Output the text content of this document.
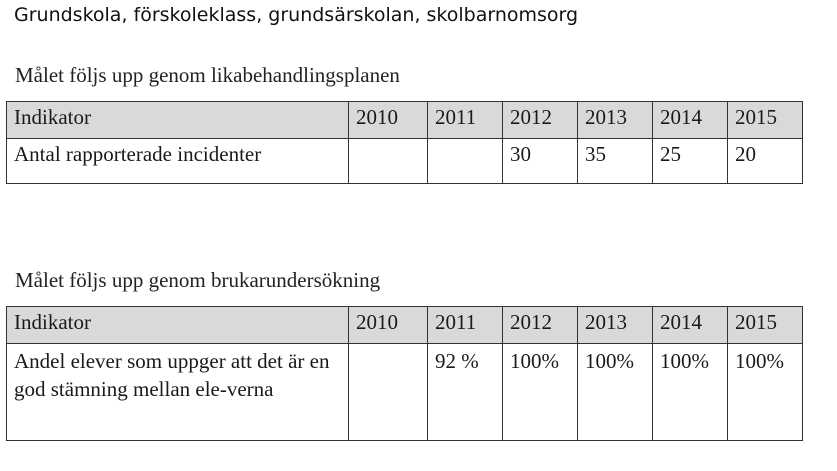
Grundskola, förskoleklass, grundsärskolan, skolbarnomsorg
Målet följs upp genom likabehandlingsplanen
Indikator	2010	2011	2012	2013	2014	2015
Antal rapporterade incidenter			30	35	25	20
Målet följs upp genom brukarundersökning
Indikator	2010	2011	2012	2013	2014	2015
Andel elever som uppger att det är en god stämning mellan ele-verna		92 %	100%	100%	100%	100%
